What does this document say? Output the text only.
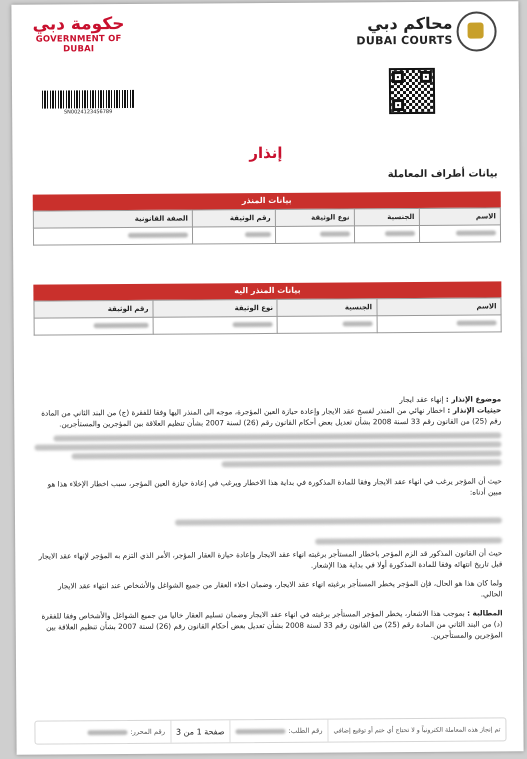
محاكم دبي
DUBAI COURTS
حكومة دبي
GOVERNMENT OF DUBAI
SN0024123456789
إنذار
بيانات أطراف المعاملة
بيانات المنذر
الاسم	الجنسية	نوع الوثيقة	رقم الوثيقة	الصفة القانونية

بيانات المنذر اليه
الاسم	الجنسية	نوع الوثيقة	رقم الوثيقة

موضوع الإنذار : إنهاء عقد ايجار
حيثيات الإنذار : اخطار نهائي من المنذر لفسخ عقد الايجار وإعادة حيازة العين المؤجرة، موجه الى المنذر اليها وفقا للفقرة (ج) من البند الثاني من المادة رقم (25) من القانون رقم 33 لسنة 2008 بشأن تعديل بعض أحكام القانون رقم (26) لسنة 2007 بشأن تنظيم العلاقة بين المؤجرين والمستأجرين.
حيث أن المؤجر يرغب في انهاء عقد الايجار وفقا للمادة المذكورة في بداية هذا الاخطار ويرغب في إعادة حيازة العين المؤجر، سبب اخطار الإخلاء هذا هو مبين أدناه:
حيث أن القانون المذكور قد الزم المؤجر باخطار المستأجر برغبته انهاء عقد الايجار وإعادة حيازة العقار المؤجر، الأمر الذي التزم به المؤجر لإنهاء عقد الايجار قبل تاريخ انتهائه وفقا للمادة المذكورة أولا في بداية هذا الإشعار.
ولما كان هذا هو الحال، فإن المؤجر يخطر المستأجر برغبته انهاء عقد الايجار، وضمان اخلاء العقار من جميع الشواغل والأشخاص عند انتهاء عقد الايجار الحالي.
المطالبة : بموجب هذا الاشعار، يخطر المؤجر المستأجر برغبته في انهاء عقد الايجار وضمان تسليم العقار خاليا من جميع الشواغل والأشخاص وفقا للفقرة (د) من البند الثاني من المادة رقم (25) من القانون رقم 33 لسنة 2008 بشأن تعديل بعض أحكام القانون رقم (26) لسنة 2007 بشأن تنظيم العلاقة بين المؤجرين والمستأجرين.
تم إنجاز هذه المعاملة الكترونياً و لا تحتاج أي ختم أو توقيع إضافي
رقم الطلب:
صفحة 1 من 3
رقم المحرر:
